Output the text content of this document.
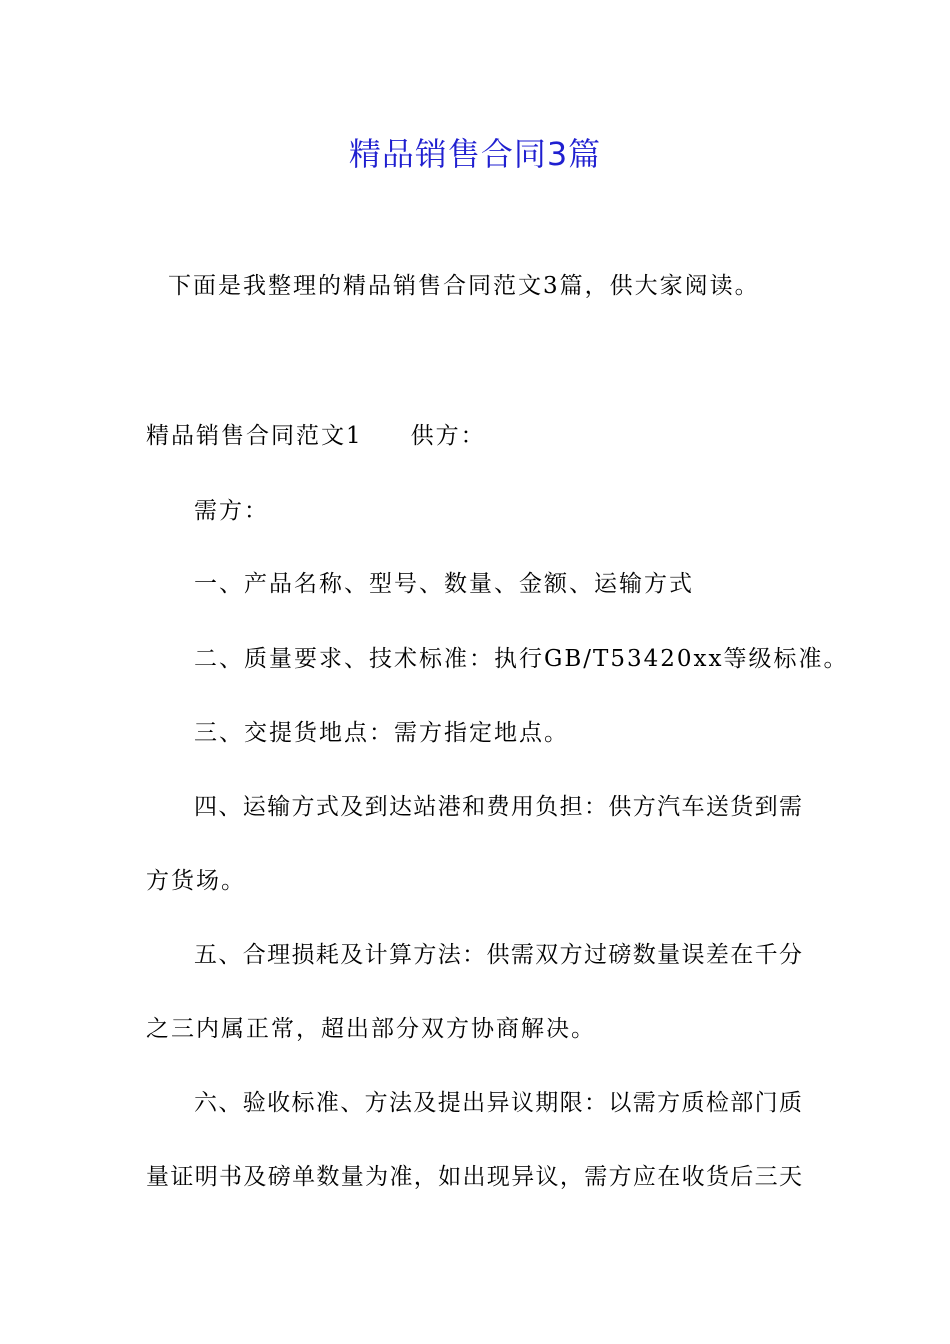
精品销售合同3篇
下面是我整理的精品销售合同范文3篇，供大家阅读。
精品销售合同范文1 供方：
需方：
一、产品名称、型号、数量、金额、运输方式
二、质量要求、技术标准：执行GB/T53420xx等级标准。
三、交提货地点：需方指定地点。
四、运输方式及到达站港和费用负担：供方汽车送货到需
方货场。
五、合理损耗及计算方法：供需双方过磅数量误差在千分
之三内属正常，超出部分双方协商解决。
六、验收标准、方法及提出异议期限：以需方质检部门质
量证明书及磅单数量为准，如出现异议，需方应在收货后三天
